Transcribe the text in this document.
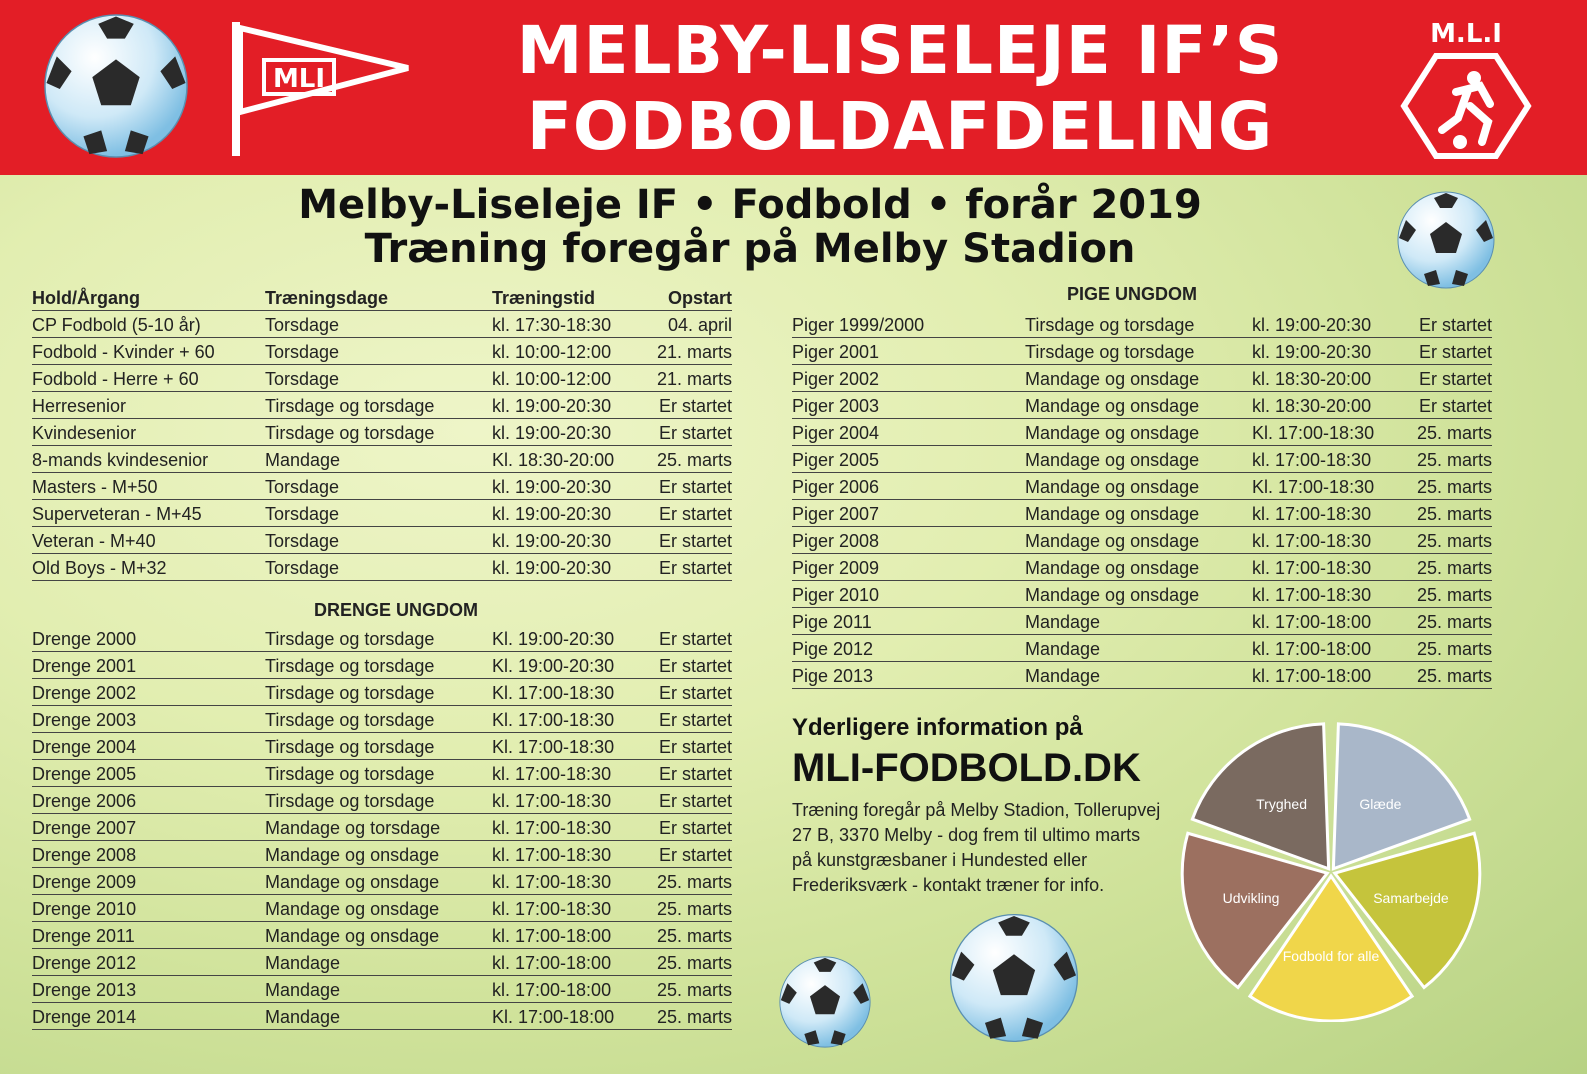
MLI	MELBY-LISELEJE IF’S
FODBOLDAFDELING
M.L.I
Melby-Liseleje IF • Fodbold • forår 2019
Træning foregår på Melby Stadion
Hold/Årgang	Træningsdage	Træningstid	Opstart
CP Fodbold (5-10 år)	Torsdage	kl. 17:30-18:30	04. april
Fodbold - Kvinder + 60	Torsdage	kl. 10:00-12:00	21. marts
Fodbold - Herre + 60	Torsdage	kl. 10:00-12:00	21. marts
Herresenior	Tirsdage og torsdage	kl. 19:00-20:30	Er startet
Kvindesenior	Tirsdage og torsdage	kl. 19:00-20:30	Er startet
8-mands kvindesenior	Mandage	Kl. 18:30-20:00 25. marts
Masters - M+50	Torsdage	kl. 19:00-20:30	Er startet
Superveteran - M+45	Torsdage	kl. 19:00-20:30	Er startet
Veteran - M+40	Torsdage	kl. 19:00-20:30	Er startet
Old Boys - M+32	Torsdage	kl. 19:00-20:30	Er startet
DRENGE UNGDOM
Drenge 2000	Tirsdage og torsdage	Kl. 19:00-20:30 Er startet
Drenge 2001	Tirsdage og torsdage	Kl. 19:00-20:30 Er startet
Drenge 2002	Tirsdage og torsdage	Kl. 17:00-18:30 Er startet
Drenge 2003	Tirsdage og torsdage	Kl. 17:00-18:30 Er startet
Drenge 2004	Tirsdage og torsdage	Kl. 17:00-18:30 Er startet
Drenge 2005	Tirsdage og torsdage	kl. 17:00-18:30	Er startet
Drenge 2006	Tirsdage og torsdage	kl. 17:00-18:30	Er startet
Drenge 2007	Mandage og torsdage	kl. 17:00-18:30	Er startet
Drenge 2008	Mandage og onsdage	kl. 17:00-18:30	Er startet
Drenge 2009	Mandage og onsdage	kl. 17:00-18:30	25. marts
Drenge 2010	Mandage og onsdage	kl. 17:00-18:30	25. marts
Drenge 2011	Mandage og onsdage	kl. 17:00-18:00	25. marts
Drenge 2012	Mandage	kl. 17:00-18:00	25. marts
Drenge 2013	Mandage	kl. 17:00-18:00	25. marts
Drenge 2014	Mandage	Kl. 17:00-18:00 25. marts
PIGE UNGDOM
Piger 1999/2000	Tirsdage og torsdage	kl. 19:00-20:30	Er startet
Piger 2001	Tirsdage og torsdage	kl. 19:00-20:30	Er startet
Piger 2002	Mandage og onsdage	kl. 18:30-20:00	Er startet
Piger 2003	Mandage og onsdage	kl. 18:30-20:00	Er startet
Piger 2004	Mandage og onsdage	Kl. 17:00-18:30 25. marts
Piger 2005	Mandage og onsdage	kl. 17:00-18:30	25. marts
Piger 2006	Mandage og onsdage	Kl. 17:00-18:30 25. marts
Piger 2007	Mandage og onsdage	kl. 17:00-18:30	25. marts
Piger 2008	Mandage og onsdage	kl. 17:00-18:30	25. marts
Piger 2009	Mandage og onsdage	kl. 17:00-18:30	25. marts
Piger 2010	Mandage og onsdage	kl. 17:00-18:30	25. marts
Pige 2011	Mandage	kl. 17:00-18:00	25. marts
Pige 2012	Mandage	kl. 17:00-18:00	25. marts
Pige 2013	Mandage	kl. 17:00-18:00	25. marts
Yderligere information på
MLI-FODBOLD.DK
Træning foregår på Melby Stadion, Tollerupvej 27 B, 3370 Melby - dog frem til ultimo marts på kunstgræsbaner i Hundested eller Frederiksværk - kontakt træner for info.
Glæde
Samarbejde
Fodbold for alle
Udvikling
Tryghed
